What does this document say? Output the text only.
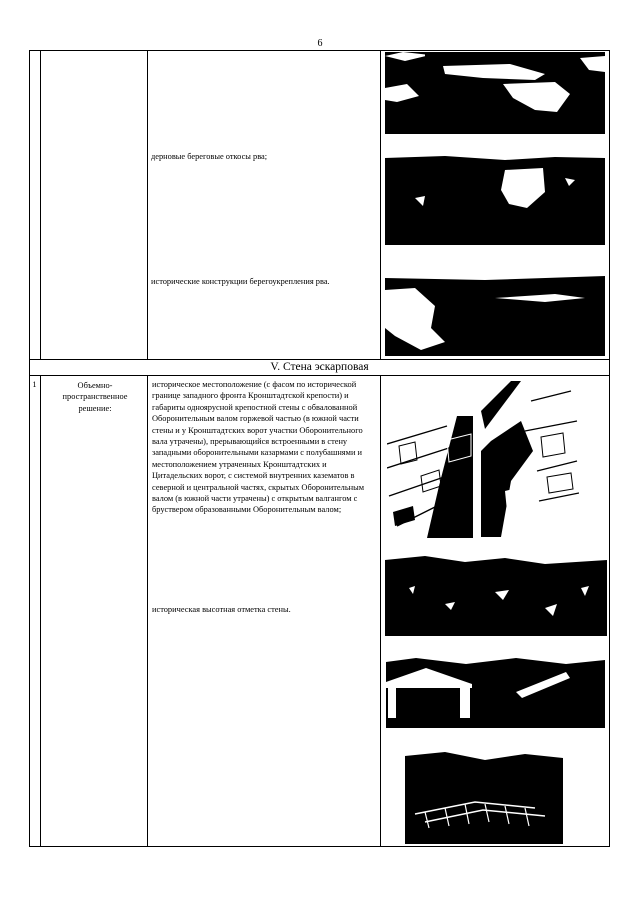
6
дерновые береговые откосы рва;
исторические конструкции берегоукрепления рва.
V. Стена эскарповая
1	Объемно-пространственное решение:
историческое местоположение (с фасом по исторической границе западного фронта Кронштадтской крепости) и габариты одноярусной крепостной стены с обвалованной Оборонительным валом горжевой частью (в южной части стены и у Кронштадтских ворот участки Оборонительного вала утрачены), прерывающийся встроенными в стену западными оборонительными казармами с полубашнями и местоположением утраченных Кронштадтских и Цитадельских ворот, с системой внутренних казематов в северной и центральной частях, скрытых Оборонительным валом (в южной части утрачены) с открытым валгангом с бруствером образованными Оборонительным валом;
историческая высотная отметка стены.
